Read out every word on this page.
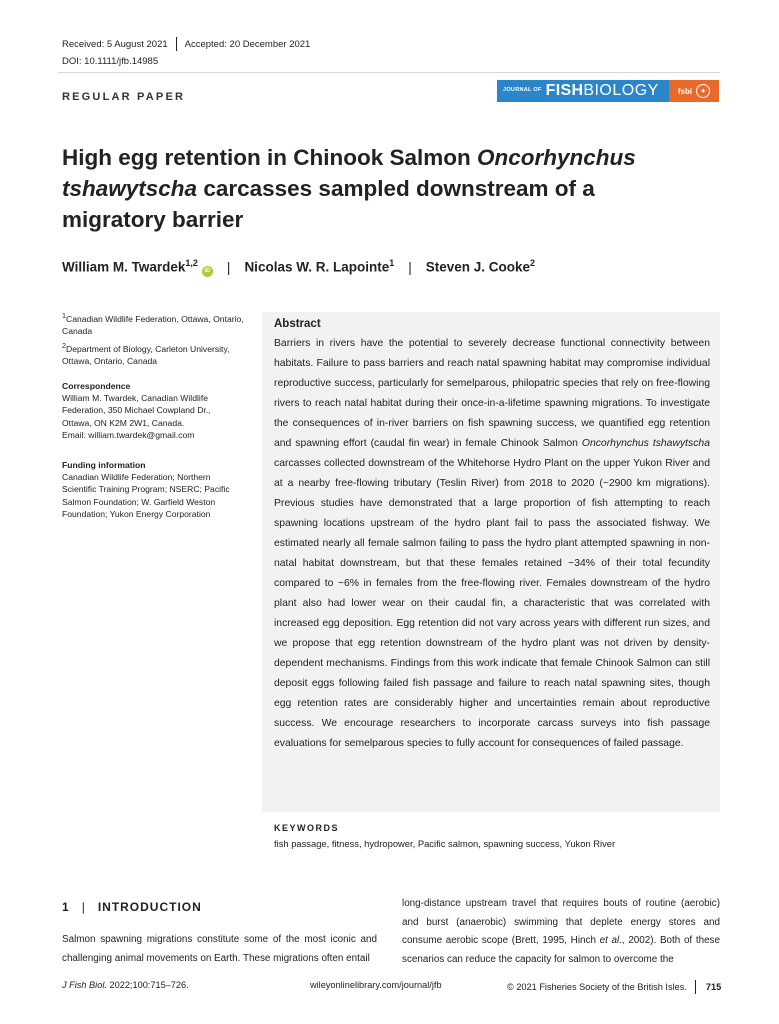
Received: 5 August 2021 Accepted: 20 December 2021
DOI: 10.1111/jfb.14985
REGULAR PAPER
JOURNAL OF FISH BIOLOGY fsbi	✦
High egg retention in Chinook Salmon Oncorhynchus tshawytscha carcasses sampled downstream of a migratory barrier
William M. Twardek$^{1,2}$
iD | Nicolas W. R. Lapointe$^1$ | Steven J. Cooke$^2$

$^1$Canadian Wildlife Federation, Ottawa, Ontario, Canada

$^2$Department of Biology, Carleton University, Ottawa, Ontario, Canada

Correspondence

William M. Twardek, Canadian Wildlife

Federation, 350 Michael Cowpland Dr.,

Ottawa, ON K2M 2W1, Canada.

Email: william.twardek@gmail.com

Funding information

Canadian Wildlife Federation; Northern

Scientific Training Program; NSERC; Pacific

Salmon Foundation; W. Garfield Weston

Foundation; Yukon Energy Corporation

Abstract
Barriers in rivers have the potential to severely decrease functional connectivity between habitats. Failure to pass barriers and reach natal spawning habitat may compromise individual reproductive success, particularly for semelparous, philopatric species that rely on free-flowing rivers to reach natal habitat during their once-in-a-lifetime spawning migrations. To investigate the consequences of in-river barriers on fish spawning success, we quantified egg retention and spawning effort (caudal fin wear) in female Chinook Salmon Oncorhynchus tshawytscha carcasses collected downstream of the Whitehorse Hydro Plant on the upper Yukon River and at a nearby free-flowing tributary (Teslin River) from 2018 to 2020 (~2900 km migrations). Previous studies have demonstrated that a large proportion of fish attempting to reach spawning locations upstream of the hydro plant fail to pass the associated fishway. We estimated nearly all female salmon failing to pass the hydro plant attempted spawning in non-natal habitat downstream, but that these females retained ~34% of their total fecundity compared to ~6% in females from the free-flowing river. Females downstream of the hydro plant also had lower wear on their caudal fin, a characteristic that was correlated with increased egg deposition. Egg retention did not vary across years with different run sizes, and we propose that egg retention downstream of the hydro plant was not driven by density-dependent mechanisms. Findings from this work indicate that female Chinook Salmon can still deposit eggs following failed fish passage and failure to reach natal spawning sites, though egg retention rates are considerably higher and uncertainties remain about reproductive success. We encourage researchers to incorporate carcass surveys into fish passage evaluations for semelparous species to fully account for consequences of failed passage.
KEYWORDS
fish passage, fitness, hydropower, Pacific salmon, spawning success, Yukon River
1 | INTRODUCTION
Salmon spawning migrations constitute some of the most iconic and challenging animal movements on Earth. These migrations often entail
long-distance upstream travel that requires bouts of routine (aerobic) and burst (anaerobic) swimming that deplete energy stores and consume aerobic scope (Brett, 1995, Hinch et al., 2002). Both of these scenarios can reduce the capacity for salmon to overcome the
J Fish Biol. 2022;100:715–726.	wileyonlinelibrary.com/journal/jfb	© 2021 Fisheries Society of the British Isles. 715
